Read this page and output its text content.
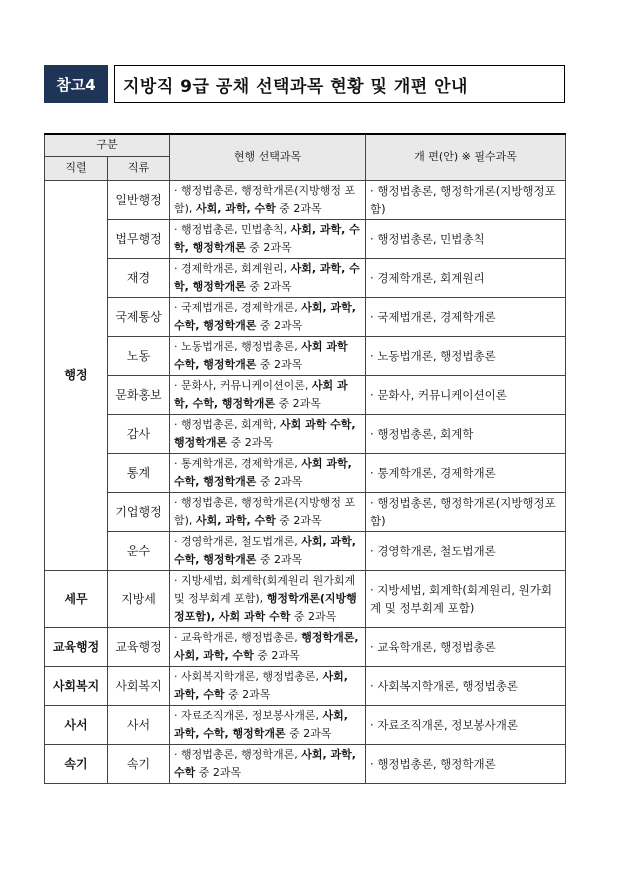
참고4	지방직 9급 공채 선택과목 현황 및 개편 안내
구분		현행 선택과목	개 편(안) ※ 필수과목
직렬	직류		
행정	일반행정	· 행정법총론, 행정학개론(지방행정 포함), 사회, 과학, 수학 중 2과목	· 행정법총론, 행정학개론(지방행정포함)
	법무행정	· 행정법총론, 민법총칙, 사회, 과학, 수학, 행정학개론 중 2과목	· 행정법총론, 민법총칙
	재경	· 경제학개론, 회계원리, 사회, 과학, 수학, 행정학개론 중 2과목	· 경제학개론, 회계원리
	국제통상	· 국제법개론, 경제학개론, 사회, 과학, 수학, 행정학개론 중 2과목	· 국제법개론, 경제학개론
	노동	· 노동법개론, 행정법총론, 사회 과학 수학, 행정학개론 중 2과목	· 노동법개론, 행정법총론
	문화홍보	· 문화사, 커뮤니케이션이론, 사회 과학, 수학, 행정학개론 중 2과목	· 문화사, 커뮤니케이션이론
	감사	· 행정법총론, 회계학, 사회 과학 수학, 행정학개론 중 2과목	· 행정법총론, 회계학
	통계	· 통계학개론, 경제학개론, 사회 과학, 수학, 행정학개론 중 2과목	· 통계학개론, 경제학개론
	기업행정	· 행정법총론, 행정학개론(지방행정 포함), 사회, 과학, 수학 중 2과목	· 행정법총론, 행정학개론(지방행정포함)
	운수	· 경영학개론, 철도법개론, 사회, 과학, 수학, 행정학개론 중 2과목	· 경영학개론, 철도법개론
세무	지방세	· 지방세법, 회계학(회계원리 원가회계 및 정부회계 포함), 행정학개론(지방행정포함), 사회 과학 수학 중 2과목	· 지방세법, 회계학(회계원리, 원가회계 및 정부회계 포함)
교육행정	교육행정	· 교육학개론, 행정법총론, 행정학개론, 사회, 과학, 수학 중 2과목	· 교육학개론, 행정법총론
사회복지	사회복지	· 사회복지학개론, 행정법총론, 사회, 과학, 수학 중 2과목	· 사회복지학개론, 행정법총론
사서	사서	· 자료조직개론, 정보봉사개론, 사회, 과학, 수학, 행정학개론 중 2과목	· 자료조직개론, 정보봉사개론
속기	속기	· 행정법총론, 행정학개론, 사회, 과학, 수학 중 2과목	· 행정법총론, 행정학개론
